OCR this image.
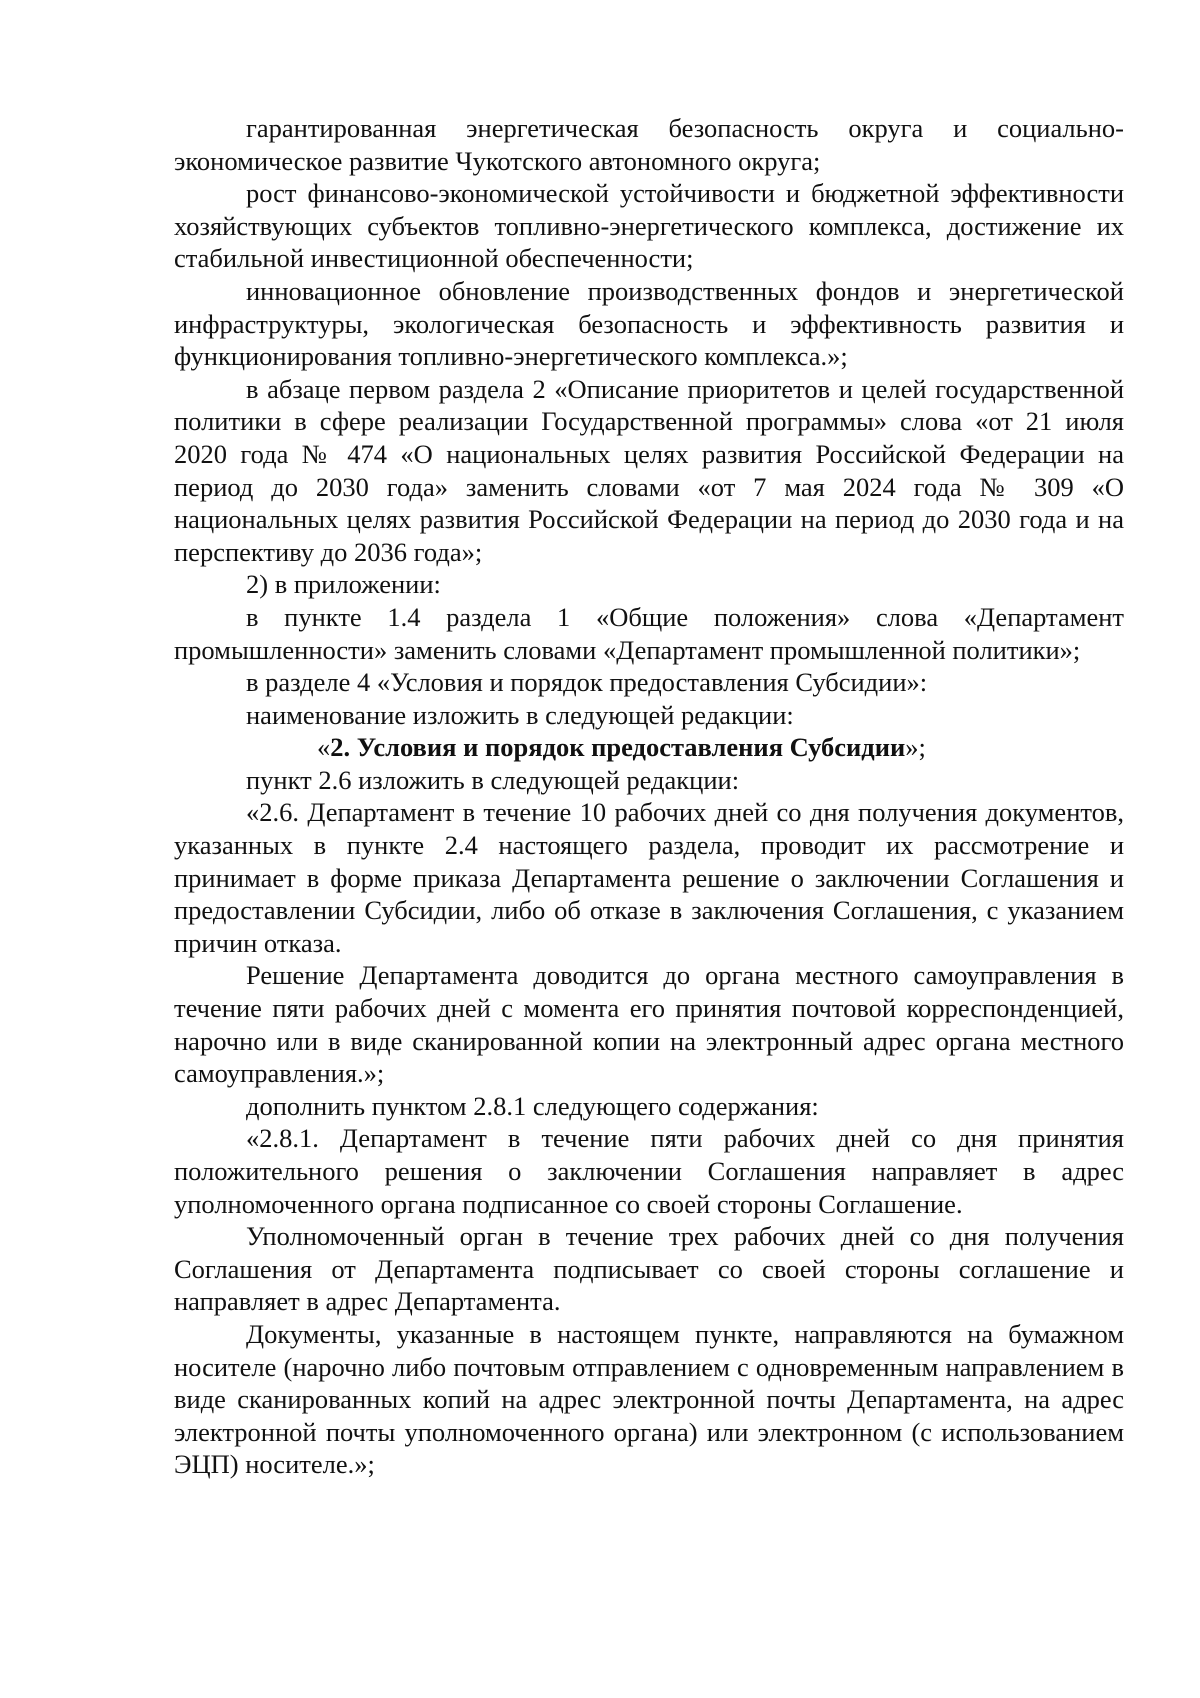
гарантированная энергетическая безопасность округа и социально-экономическое развитие Чукотского автономного округа;

рост финансово-экономической устойчивости и бюджетной эффективности хозяйствующих субъектов топливно-энергетического комплекса, достижение их стабильной инвестиционной обеспеченности;

инновационное обновление производственных фондов и энергетической инфраструктуры, экологическая безопасность и эффективность развития и функционирования топливно-энергетического комплекса.»;

в абзаце первом раздела 2 «Описание приоритетов и целей государственной политики в сфере реализации Государственной программы» слова «от 21 июля 2020 года № 474 «О национальных целях развития Российской Федерации на период до 2030 года» заменить словами «от 7 мая 2024 года № 309 «О национальных целях развития Российской Федерации на период до 2030 года и на перспективу до 2036 года»;

2) в приложении:

в пункте 1.4 раздела 1 «Общие положения» слова «Департамент промышленности» заменить словами «Департамент промышленной политики»;

в разделе 4 «Условия и порядок предоставления Субсидии»:

наименование изложить в следующей редакции:

«2. Условия и порядок предоставления Субсидии»;

пункт 2.6 изложить в следующей редакции:

«2.6. Департамент в течение 10 рабочих дней со дня получения документов, указанных в пункте 2.4 настоящего раздела, проводит их рассмотрение и принимает в форме приказа Департамента решение о заключении Соглашения и предоставлении Субсидии, либо об отказе в заключения Соглашения, с указанием причин отказа.

Решение Департамента доводится до органа местного самоуправления в течение пяти рабочих дней с момента его принятия почтовой корреспонденцией, нарочно или в виде сканированной копии на электронный адрес органа местного самоуправления.»;

дополнить пунктом 2.8.1 следующего содержания:

«2.8.1. Департамент в течение пяти рабочих дней со дня принятия положительного решения о заключении Соглашения направляет в адрес уполномоченного органа подписанное со своей стороны Соглашение.

Уполномоченный орган в течение трех рабочих дней со дня получения Соглашения от Департамента подписывает со своей стороны соглашение и направляет в адрес Департамента.

Документы, указанные в настоящем пункте, направляются на бумажном носителе (нарочно либо почтовым отправлением с одновременным направлением в виде сканированных копий на адрес электронной почты Департамента, на адрес электронной почты уполномоченного органа) или электронном (с использованием ЭЦП) носителе.»;
